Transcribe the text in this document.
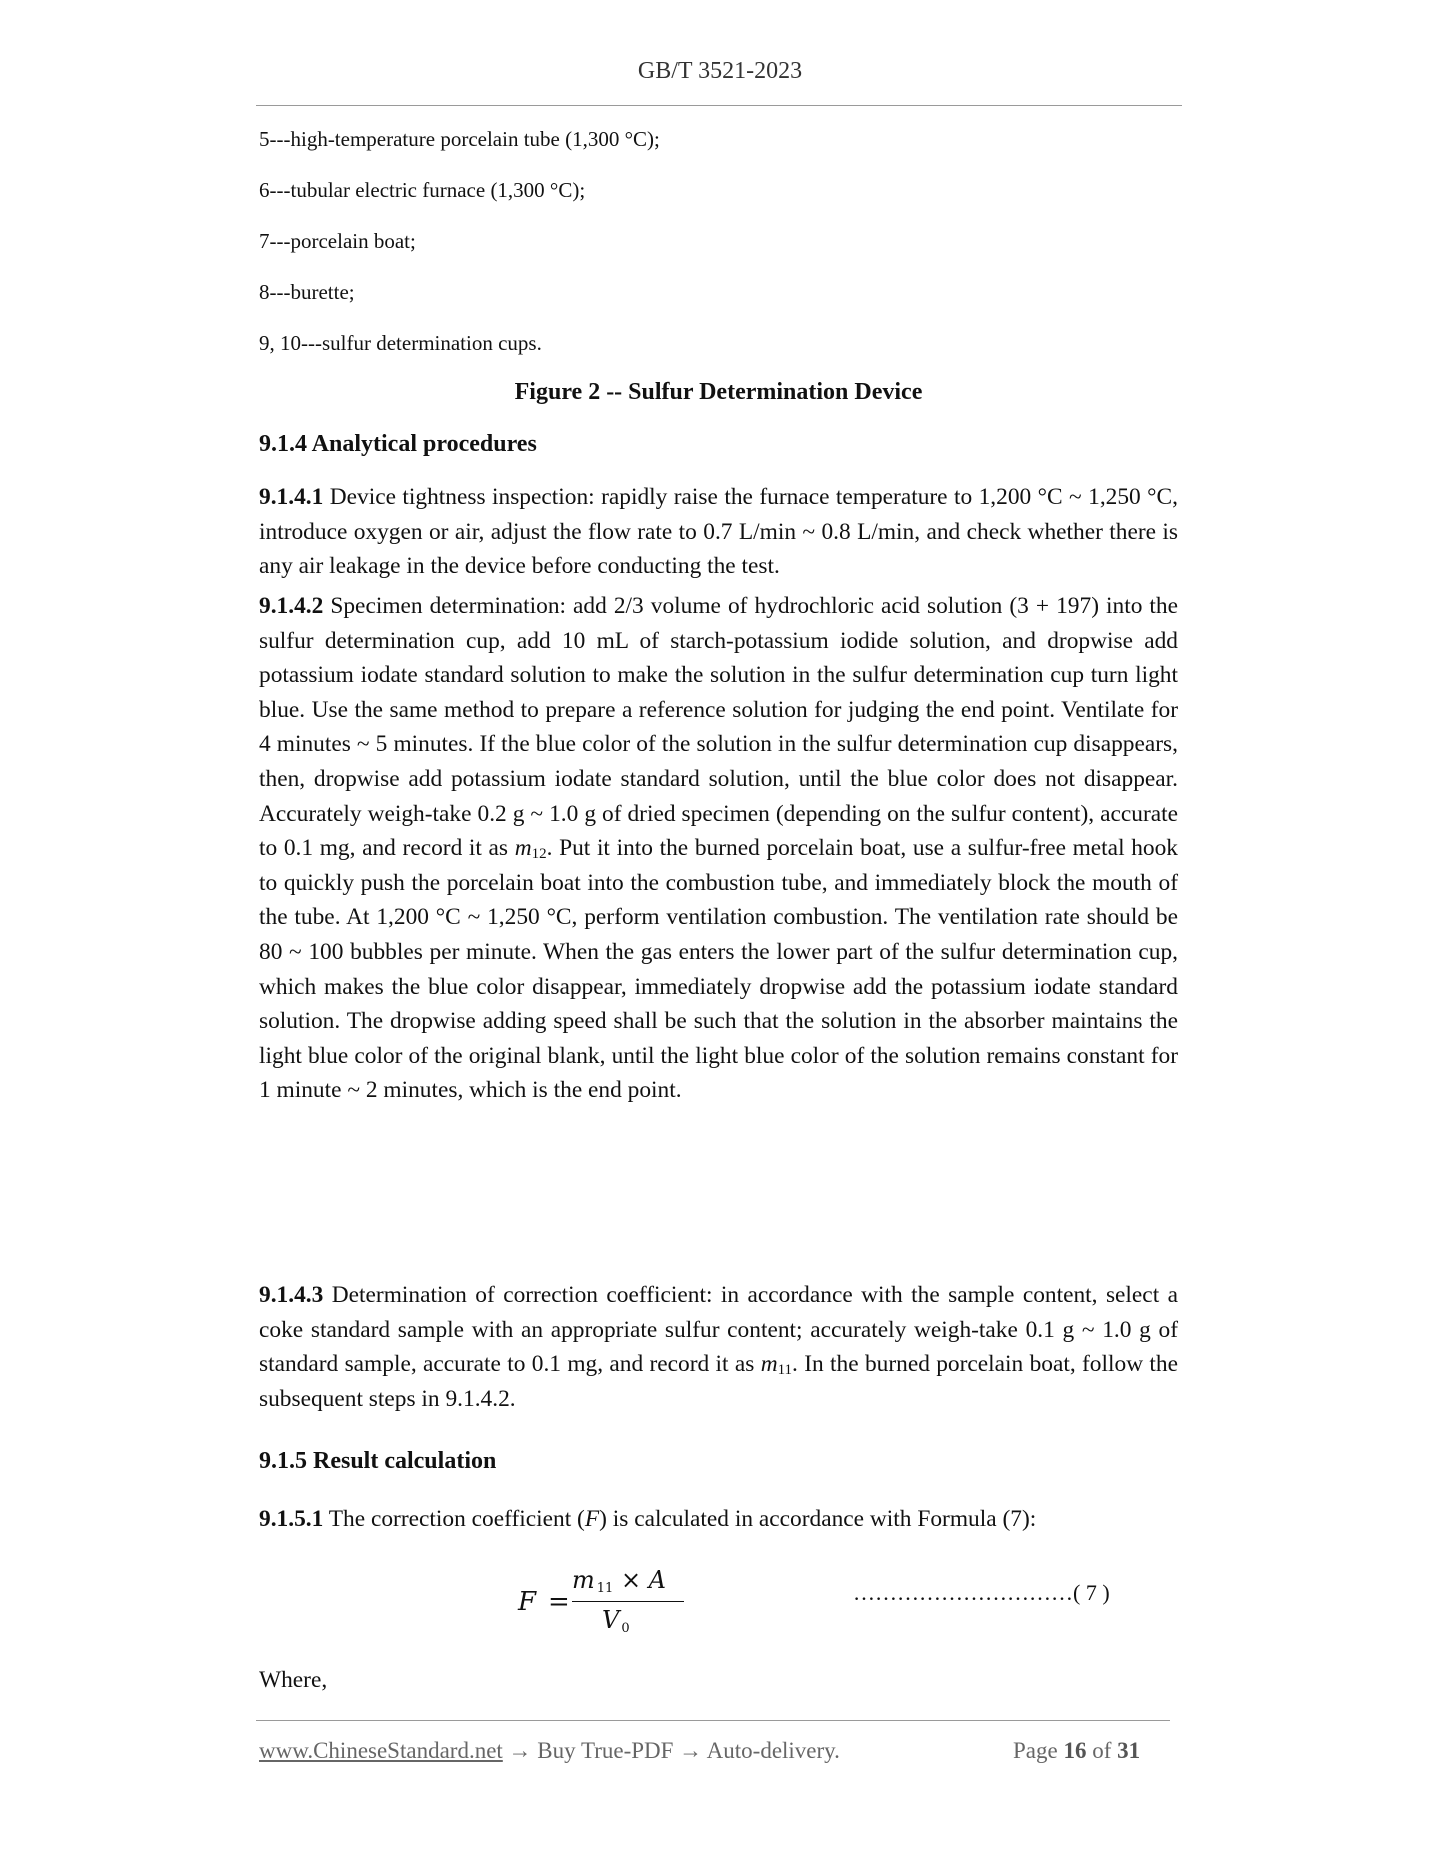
GB/T 3521-2023
5---high-temperature porcelain tube (1,300 °C);
6---tubular electric furnace (1,300 °C);
7---porcelain boat;
8---burette;
9, 10---sulfur determination cups.
Figure 2 -- Sulfur Determination Device
9.1.4 Analytical procedures
9.1.4.1 Device tightness inspection: rapidly raise the furnace temperature to 1,200 °C ~ 1,250 °C, introduce oxygen or air, adjust the flow rate to 0.7 L/min ~ 0.8 L/min, and check whether there is any air leakage in the device before conducting the test.
9.1.4.2 Specimen determination: add 2/3 volume of hydrochloric acid solution (3 + 197) into the sulfur determination cup, add 10 mL of starch-potassium iodide solution, and dropwise add potassium iodate standard solution to make the solution in the sulfur determination cup turn light blue. Use the same method to prepare a reference solution for judging the end point. Ventilate for 4 minutes ~ 5 minutes. If the blue color of the solution in the sulfur determination cup disappears, then, dropwise add potassium iodate standard solution, until the blue color does not disappear. Accurately weigh-take 0.2 g ~ 1.0 g of dried specimen (depending on the sulfur content), accurate to 0.1 mg, and record it as $m_{12}$. Put it into the burned porcelain boat, use a sulfur-free metal hook to quickly push the porcelain boat into the combustion tube, and immediately block the mouth of the tube. At 1,200 °C ~ 1,250 °C, perform ventilation combustion. The ventilation rate should be 80 ~ 100 bubbles per minute. When the gas enters the lower part of the sulfur determination cup, which makes the blue color disappear, immediately dropwise add the potassium iodate standard solution. The dropwise adding speed shall be such that the solution in the absorber maintains the light blue color of the original blank, until the light blue color of the solution remains constant for 1 minute ~ 2 minutes, which is the end point.
9.1.4.3 Determination of correction coefficient: in accordance with the sample content, select a coke standard sample with an appropriate sulfur content; accurately weigh-take 0.1 g ~ 1.0 g of standard sample, accurate to 0.1 mg, and record it as $m_{11}$. In the burned porcelain boat, follow the subsequent steps in 9.1.4.2.
9.1.5 Result calculation
9.1.5.1 The correction coefficient (F) is calculated in accordance with Formula (7):
Where,
F =
m 11 × A
V 0
…………………………( 7 )
www.ChineseStandard.net → Buy True-PDF → Auto-delivery.	Page 16 of 31
